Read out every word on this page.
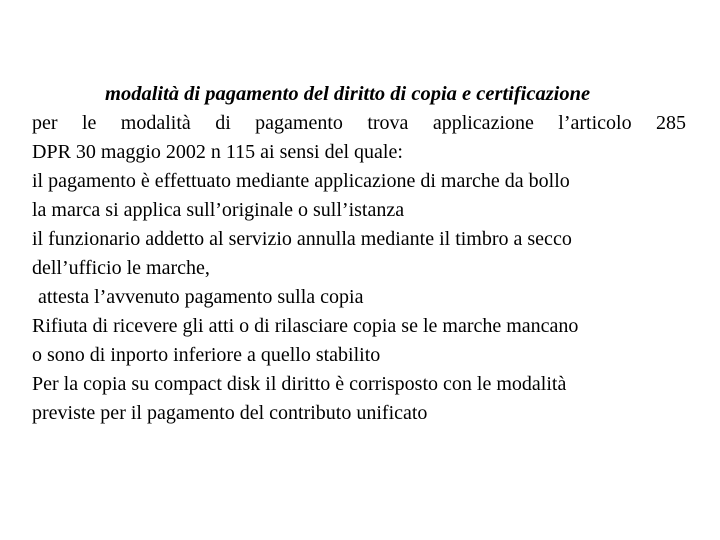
modalità di pagamento del diritto di copia e certificazione
per le modalità di pagamento trova applicazione l’articolo 285
DPR 30 maggio 2002 n 115 ai sensi del quale:
il pagamento è effettuato mediante applicazione di marche da bollo
la marca si applica sull’originale o sull’istanza
il funzionario addetto al servizio annulla mediante il timbro a secco
dell’ufficio le marche,
attesta l’avvenuto pagamento sulla copia
Rifiuta di ricevere gli atti o di rilasciare copia se le marche mancano
o sono di inporto inferiore a quello stabilito
Per la copia su compact disk il diritto è corrisposto con le modalità
previste per il pagamento del contributo unificato
